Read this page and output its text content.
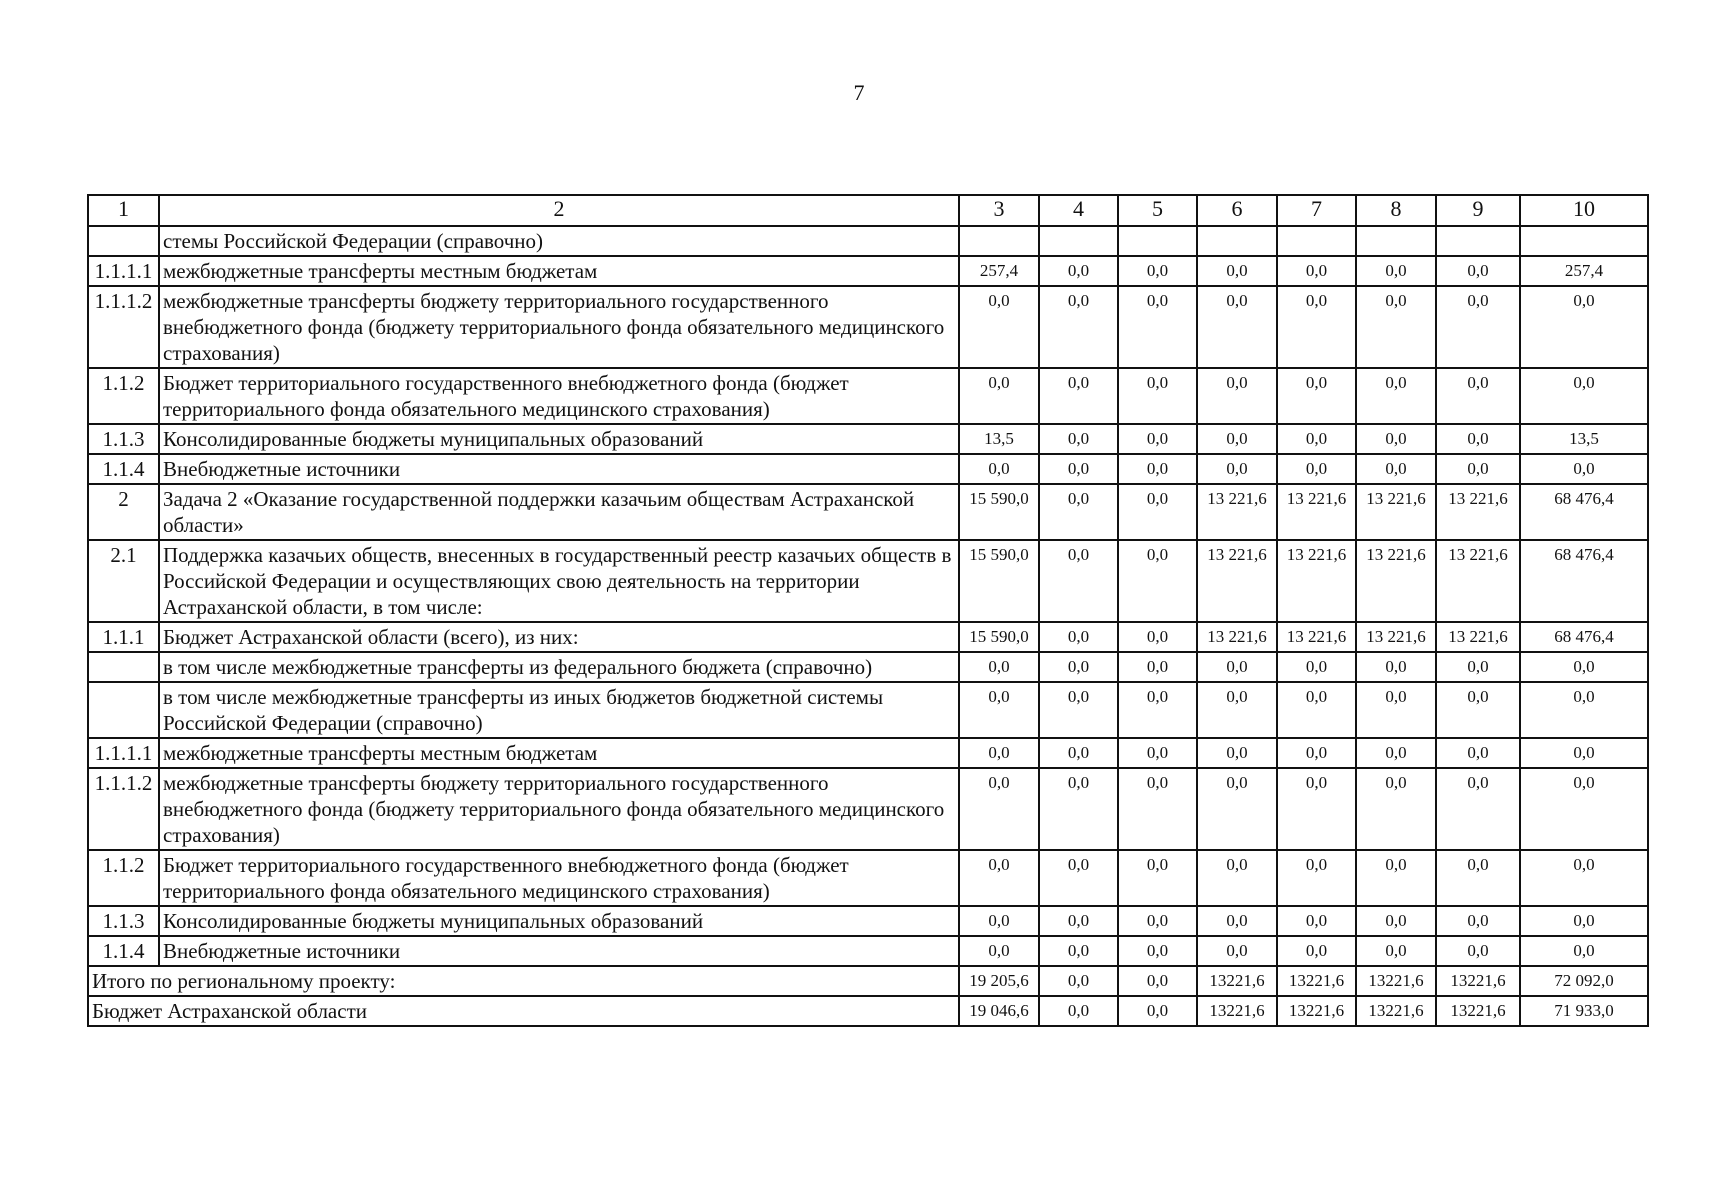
7
1	2	3	4	5	6	7	8	9	10
	стемы Российской Федерации (справочно)								
1.1.1.1	межбюджетные трансферты местным бюджетам	257,4	0,0	0,0	0,0	0,0	0,0	0,0	257,4
1.1.1.2	межбюджетные трансферты бюджету территориального государственного внебюджетного фонда (бюджету территориального фонда обязательного медицинского страхования)	0,0	0,0	0,0	0,0	0,0	0,0	0,0	0,0
1.1.2	Бюджет территориального государственного внебюджетного фонда (бюджет территориального фонда обязательного медицинского страхования)	0,0	0,0	0,0	0,0	0,0	0,0	0,0	0,0
1.1.3	Консолидированные бюджеты муниципальных образований	13,5	0,0	0,0	0,0	0,0	0,0	0,0	13,5
1.1.4	Внебюджетные источники	0,0	0,0	0,0	0,0	0,0	0,0	0,0	0,0
2	Задача 2 «Оказание государственной поддержки казачьим обществам Астраханской области»	15 590,0	0,0	0,0	13 221,6	13 221,6	13 221,6	13 221,6	68 476,4
2.1	Поддержка казачьих обществ, внесенных в государственный реестр казачьих обществ в Российской Федерации и осуществляющих свою деятельность на территории Астраханской области, в том числе:	15 590,0	0,0	0,0	13 221,6	13 221,6	13 221,6	13 221,6	68 476,4
1.1.1	Бюджет Астраханской области (всего), из них:	15 590,0	0,0	0,0	13 221,6	13 221,6	13 221,6	13 221,6	68 476,4
	в том числе межбюджетные трансферты из федерального бюджета (справочно)	0,0	0,0	0,0	0,0	0,0	0,0	0,0	0,0
	в том числе межбюджетные трансферты из иных бюджетов бюджетной системы Российской Федерации (справочно)	0,0	0,0	0,0	0,0	0,0	0,0	0,0	0,0
1.1.1.1	межбюджетные трансферты местным бюджетам	0,0	0,0	0,0	0,0	0,0	0,0	0,0	0,0
1.1.1.2	межбюджетные трансферты бюджету территориального государственного внебюджетного фонда (бюджету территориального фонда обязательного медицинского страхования)	0,0	0,0	0,0	0,0	0,0	0,0	0,0	0,0
1.1.2	Бюджет территориального государственного внебюджетного фонда (бюджет территориального фонда обязательного медицинского страхования)	0,0	0,0	0,0	0,0	0,0	0,0	0,0	0,0
1.1.3	Консолидированные бюджеты муниципальных образований	0,0	0,0	0,0	0,0	0,0	0,0	0,0	0,0
1.1.4	Внебюджетные источники	0,0	0,0	0,0	0,0	0,0	0,0	0,0	0,0
Итого по региональному проекту:		19 205,6	0,0	0,0	13221,6	13221,6	13221,6	13221,6	72 092,0
Бюджет Астраханской области		19 046,6	0,0	0,0	13221,6	13221,6	13221,6	13221,6	71 933,0
